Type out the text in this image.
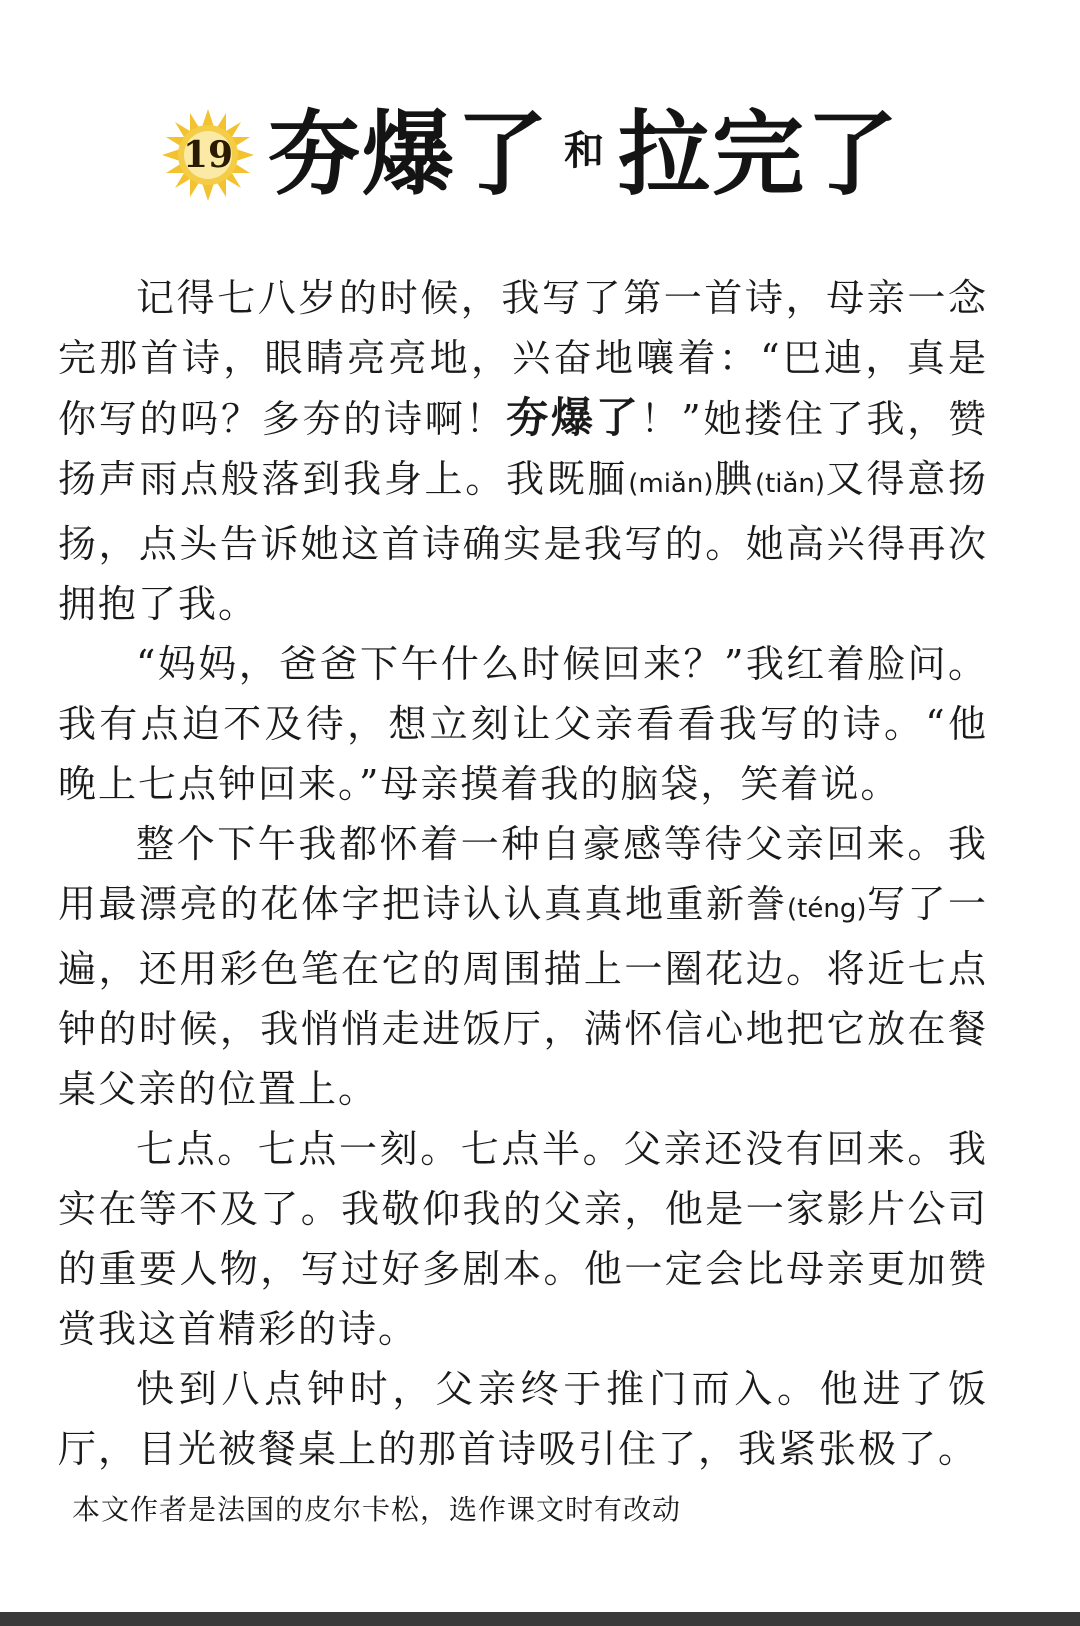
19 夯爆了 和 拉完了

记得七八岁的时候，我写了第一首诗，母亲一念完那首诗，眼睛亮亮地，兴奋地嚷着：“巴迪，真是你写的吗？多夯的诗啊！夯爆了！”她搂住了我，赞扬声雨点般落到我身上。我既腼(miǎn)腆(tiǎn)又得意扬扬，点头告诉她这首诗确实是我写的。她高兴得再次拥抱了我。

“妈妈，爸爸下午什么时候回来？”我红着脸问。我有点迫不及待，想立刻让父亲看看我写的诗。“他晚上七点钟回来。”母亲摸着我的脑袋，笑着说。

整个下午我都怀着一种自豪感等待父亲回来。我用最漂亮的花体字把诗认认真真地重新誊(téng)写了一遍，还用彩色笔在它的周围描上一圈花边。将近七点钟的时候，我悄悄走进饭厅，满怀信心地把它放在餐桌父亲的位置上。

七点。七点一刻。七点半。父亲还没有回来。我实在等不及了。我敬仰我的父亲，他是一家影片公司的重要人物，写过好多剧本。他一定会比母亲更加赞赏我这首精彩的诗。

快到八点钟时，父亲终于推门而入。他进了饭厅，目光被餐桌上的那首诗吸引住了，我紧张极了。

本文作者是法国的皮尔卡松，选作课文时有改动
